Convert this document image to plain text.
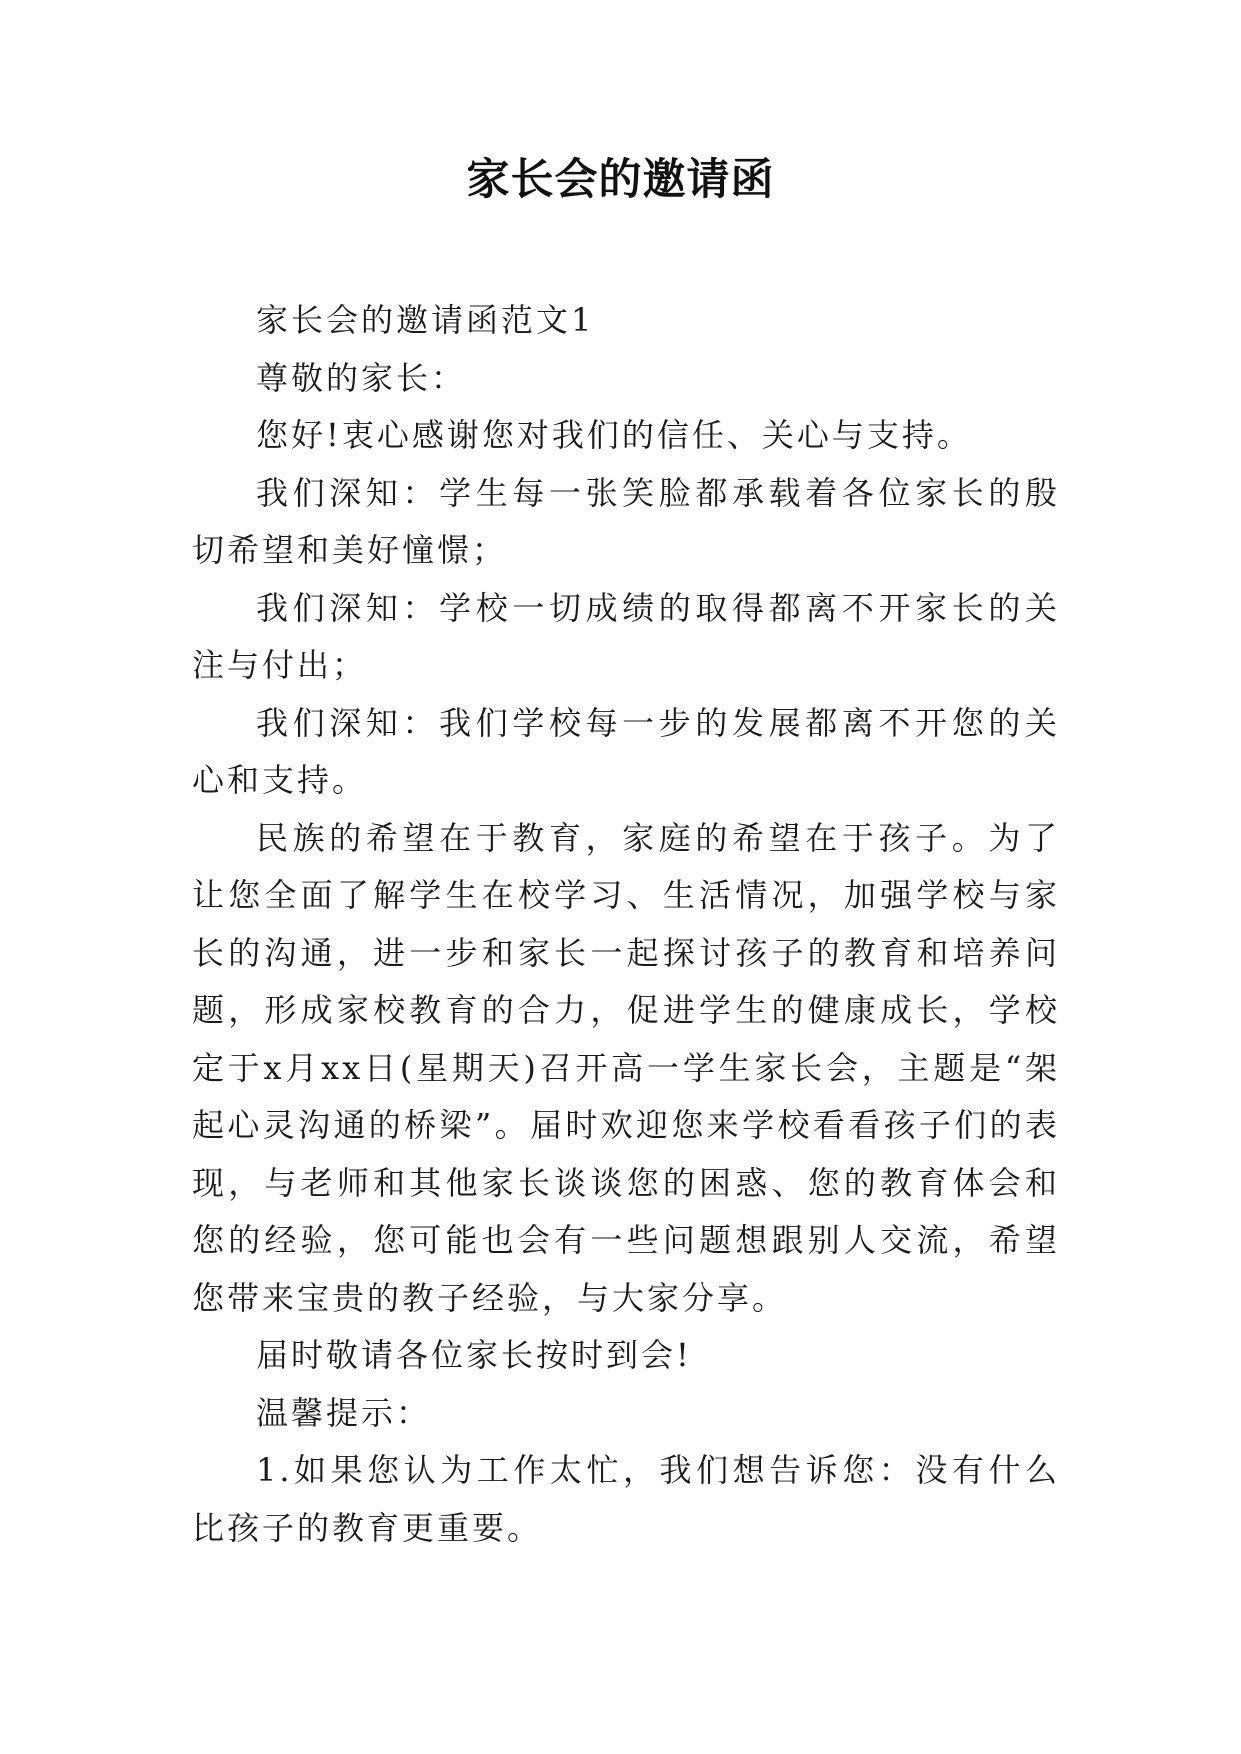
家长会的邀请函

家长会的邀请函范文1

尊敬的家长：

您好!衷心感谢您对我们的信任、关心与支持。

我们深知：学生每一张笑脸都承载着各位家长的殷切希望和美好憧憬；

我们深知：学校一切成绩的取得都离不开家长的关注与付出；

我们深知：我们学校每一步的发展都离不开您的关心和支持。

民族的希望在于教育，家庭的希望在于孩子。为了让您全面了解学生在校学习、生活情况，加强学校与家长的沟通，进一步和家长一起探讨孩子的教育和培养问题，形成家校教育的合力，促进学生的健康成长，学校定于x月xx日(星期天)召开高一学生家长会，主题是“架起心灵沟通的桥梁”。届时欢迎您来学校看看孩子们的表现，与老师和其他家长谈谈您的困惑、您的教育体会和您的经验，您可能也会有一些问题想跟别人交流，希望您带来宝贵的教子经验，与大家分享。

届时敬请各位家长按时到会!

温馨提示：

1.如果您认为工作太忙，我们想告诉您：没有什么比孩子的教育更重要。
